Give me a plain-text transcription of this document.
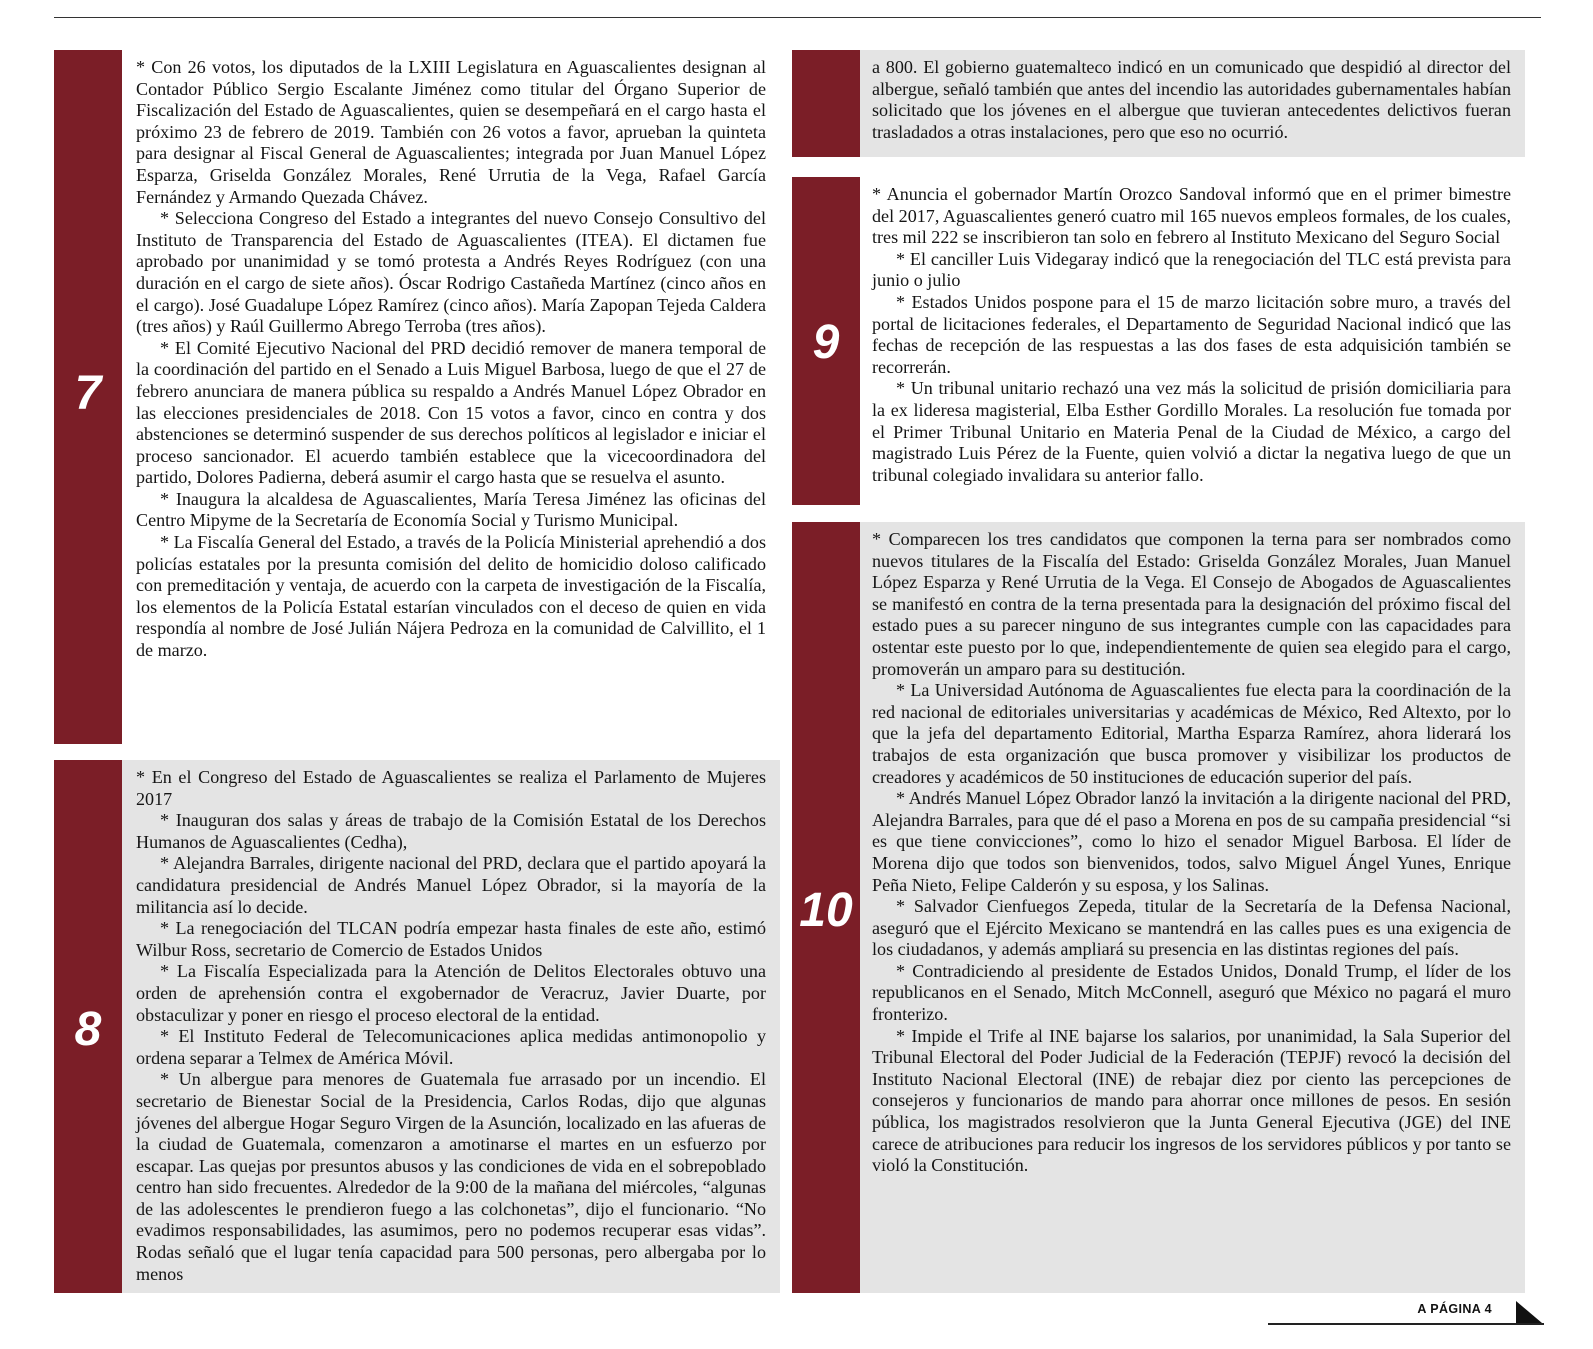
7

* Con 26 votos, los diputados de la LXIII Legislatura en Aguascalientes designan al Contador Público Sergio Escalante Jiménez como titular del Órgano Superior de Fiscalización del Estado de Aguascalientes, quien se desempeñará en el cargo hasta el próximo 23 de febrero de 2019. También con 26 votos a favor, aprueban la quinteta para designar al Fiscal General de Aguascalientes; integrada por Juan Manuel López Esparza, Griselda González Morales, René Urrutia de la Vega, Rafael García Fernández y Armando Quezada Chávez.

* Selecciona Congreso del Estado a integrantes del nuevo Consejo Consultivo del Instituto de Transparencia del Estado de Aguascalientes (ITEA). El dictamen fue aprobado por unanimidad y se tomó protesta a Andrés Reyes Rodríguez (con una duración en el cargo de siete años). Óscar Rodrigo Castañeda Martínez (cinco años en el cargo). José Guadalupe López Ramírez (cinco años). María Zapopan Tejeda Caldera (tres años) y Raúl Guillermo Abrego Terroba (tres años).

* El Comité Ejecutivo Nacional del PRD decidió remover de manera temporal de la coordinación del partido en el Senado a Luis Miguel Barbosa, luego de que el 27 de febrero anunciara de manera pública su respaldo a Andrés Manuel López Obrador en las elecciones presidenciales de 2018. Con 15 votos a favor, cinco en contra y dos abstenciones se determinó suspender de sus derechos políticos al legislador e iniciar el proceso sancionador. El acuerdo también establece que la vicecoordinadora del partido, Dolores Padierna, deberá asumir el cargo hasta que se resuelva el asunto.

* Inaugura la alcaldesa de Aguascalientes, María Teresa Jiménez las oficinas del Centro Mipyme de la Secretaría de Economía Social y Turismo Municipal.

* La Fiscalía General del Estado, a través de la Policía Ministerial aprehendió a dos policías estatales por la presunta comisión del delito de homicidio doloso calificado con premeditación y ventaja, de acuerdo con la carpeta de investigación de la Fiscalía, los elementos de la Policía Estatal estarían vinculados con el deceso de quien en vida respondía al nombre de José Julián Nájera Pedroza en la comunidad de Calvillito, el 1 de marzo.

8

* En el Congreso del Estado de Aguascalientes se realiza el Parlamento de Mujeres 2017

* Inauguran dos salas y áreas de trabajo de la Comisión Estatal de los Derechos Humanos de Aguascalientes (Cedha),

* Alejandra Barrales, dirigente nacional del PRD, declara que el partido apoyará la candidatura presidencial de Andrés Manuel López Obrador, si la mayoría de la militancia así lo decide.

* La renegociación del TLCAN podría empezar hasta finales de este año, estimó Wilbur Ross, secretario de Comercio de Estados Unidos

* La Fiscalía Especializada para la Atención de Delitos Electorales obtuvo una orden de aprehensión contra el exgobernador de Veracruz, Javier Duarte, por obstaculizar y poner en riesgo el proceso electoral de la entidad.

* El Instituto Federal de Telecomunicaciones aplica medidas antimonopolio y ordena separar a Telmex de América Móvil.

* Un albergue para menores de Guatemala fue arrasado por un incendio. El secretario de Bienestar Social de la Presidencia, Carlos Rodas, dijo que algunas jóvenes del albergue Hogar Seguro Virgen de la Asunción, localizado en las afueras de la ciudad de Guatemala, comenzaron a amotinarse el martes en un esfuerzo por escapar. Las quejas por presuntos abusos y las condiciones de vida en el sobrepoblado centro han sido frecuentes. Alrededor de la 9:00 de la mañana del miércoles, “algunas de las adolescentes le prendieron fuego a las colchonetas”, dijo el funcionario. “No evadimos responsabilidades, las asumimos, pero no podemos recuperar esas vidas”. Rodas señaló que el lugar tenía capacidad para 500 personas, pero albergaba por lo menos

a 800. El gobierno guatemalteco indicó en un comunicado que despidió al director del albergue, señaló también que antes del incendio las autoridades gubernamentales habían solicitado que los jóvenes en el albergue que tuvieran antecedentes delictivos fueran trasladados a otras instalaciones, pero que eso no ocurrió.

9

* Anuncia el gobernador Martín Orozco Sandoval informó que en el primer bimestre del 2017, Aguascalientes generó cuatro mil 165 nuevos empleos formales, de los cuales, tres mil 222 se inscribieron tan solo en febrero al Instituto Mexicano del Seguro Social

* El canciller Luis Videgaray indicó que la renegociación del TLC está prevista para junio o julio

* Estados Unidos pospone para el 15 de marzo licitación sobre muro, a través del portal de licitaciones federales, el Departamento de Seguridad Nacional indicó que las fechas de recepción de las respuestas a las dos fases de esta adquisición también se recorrerán.

* Un tribunal unitario rechazó una vez más la solicitud de prisión domiciliaria para la ex lideresa magisterial, Elba Esther Gordillo Morales. La resolución fue tomada por el Primer Tribunal Unitario en Materia Penal de la Ciudad de México, a cargo del magistrado Luis Pérez de la Fuente, quien volvió a dictar la negativa luego de que un tribunal colegiado invalidara su anterior fallo.

10

* Comparecen los tres candidatos que componen la terna para ser nombrados como nuevos titulares de la Fiscalía del Estado: Griselda González Morales, Juan Manuel López Esparza y René Urrutia de la Vega. El Consejo de Abogados de Aguascalientes se manifestó en contra de la terna presentada para la designación del próximo fiscal del estado pues a su parecer ninguno de sus integrantes cumple con las capacidades para ostentar este puesto por lo que, independientemente de quien sea elegido para el cargo, promoverán un amparo para su destitución.

* La Universidad Autónoma de Aguascalientes fue electa para la coordinación de la red nacional de editoriales universitarias y académicas de México, Red Altexto, por lo que la jefa del departamento Editorial, Martha Esparza Ramírez, ahora liderará los trabajos de esta organización que busca promover y visibilizar los productos de creadores y académicos de 50 instituciones de educación superior del país.

* Andrés Manuel López Obrador lanzó la invitación a la dirigente nacional del PRD, Alejandra Barrales, para que dé el paso a Morena en pos de su campaña presidencial “si es que tiene convicciones”, como lo hizo el senador Miguel Barbosa. El líder de Morena dijo que todos son bienvenidos, todos, salvo Miguel Ángel Yunes, Enrique Peña Nieto, Felipe Calderón y su esposa, y los Salinas.

* Salvador Cienfuegos Zepeda, titular de la Secretaría de la Defensa Nacional, aseguró que el Ejército Mexicano se mantendrá en las calles pues es una exigencia de los ciudadanos, y además ampliará su presencia en las distintas regiones del país.

* Contradiciendo al presidente de Estados Unidos, Donald Trump, el líder de los republicanos en el Senado, Mitch McConnell, aseguró que México no pagará el muro fronterizo.

* Impide el Trife al INE bajarse los salarios, por unanimidad, la Sala Superior del Tribunal Electoral del Poder Judicial de la Federación (TEPJF) revocó la decisión del Instituto Nacional Electoral (INE) de rebajar diez por ciento las percepciones de consejeros y funcionarios de mando para ahorrar once millones de pesos. En sesión pública, los magistrados resolvieron que la Junta General Ejecutiva (JGE) del INE carece de atribuciones para reducir los ingresos de los servidores públicos y por tanto se violó la Constitución.

A PÁGINA 4
